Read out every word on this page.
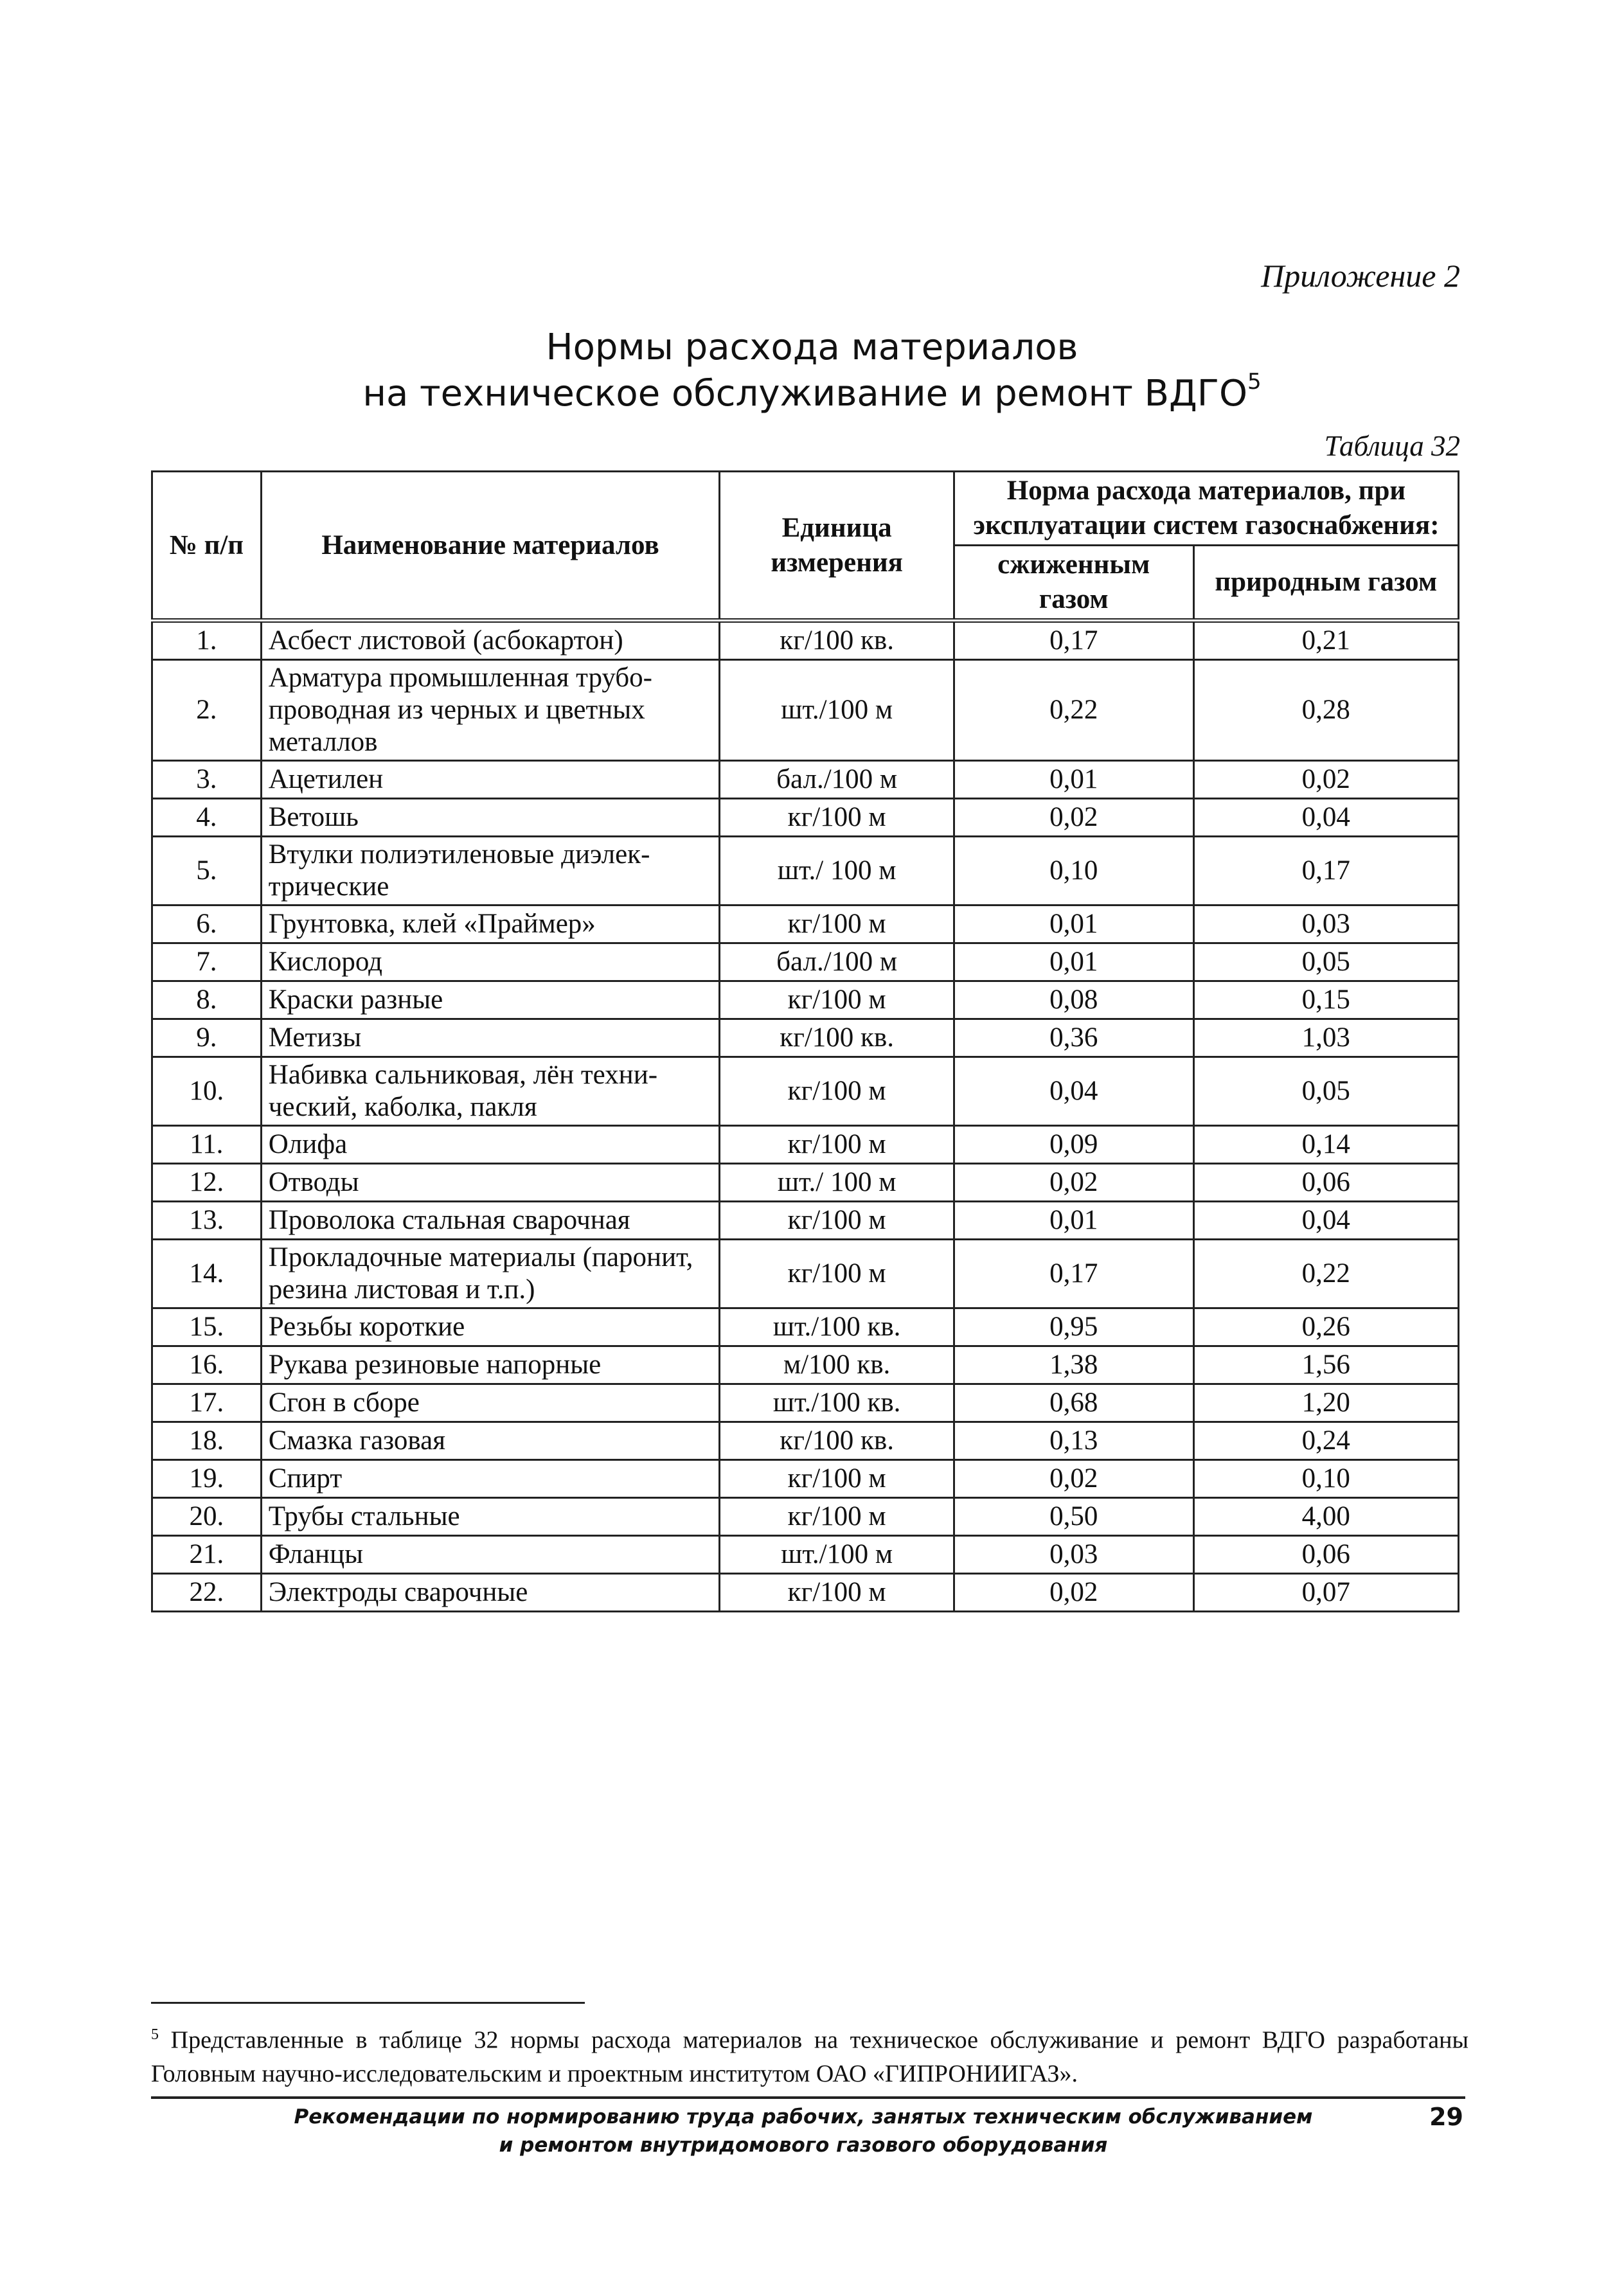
Приложение 2
Нормы расхода материалов
на техническое обслуживание и ремонт ВДГО$^5$
Таблица 32
№ п/п	Наименование материалов	Единица измерения	Норма расхода материалов, при эксплуатации систем газоснабжения:	
			сжиженным газом	природным газом
1.	Асбест листовой (асбокартон)	кг/100 кв.	0,17	0,21
2.	Арматура промышленная трубо-проводная из черных и цветных металлов	шт./100 м	0,22	0,28
3.	Ацетилен	бал./100 м	0,01	0,02
4.	Ветошь	кг/100 м	0,02	0,04
5.	Втулки полиэтиленовые диэлек-трические	шт./ 100 м	0,10	0,17
6.	Грунтовка, клей «Праймер»	кг/100 м	0,01	0,03
7.	Кислород	бал./100 м	0,01	0,05
8.	Краски разные	кг/100 м	0,08	0,15
9.	Метизы	кг/100 кв.	0,36	1,03
10.	Набивка сальниковая, лён техни-ческий, каболка, пакля	кг/100 м	0,04	0,05
11.	Олифа	кг/100 м	0,09	0,14
12.	Отводы	шт./ 100 м	0,02	0,06
13.	Проволока стальная сварочная	кг/100 м	0,01	0,04
14.	Прокладочные материалы (паронит, резина листовая и т.п.)	кг/100 м	0,17	0,22
15.	Резьбы короткие	шт./100 кв.	0,95	0,26
16.	Рукава резиновые напорные	м/100 кв.	1,38	1,56
17.	Сгон в сборе	шт./100 кв.	0,68	1,20
18.	Смазка газовая	кг/100 кв.	0,13	0,24
19.	Спирт	кг/100 м	0,02	0,10
20.	Трубы стальные	кг/100 м	0,50	4,00
21.	Фланцы	шт./100 м	0,03	0,06
22.	Электроды сварочные	кг/100 м	0,02	0,07
$^5$ Представленные в таблице 32 нормы расхода материалов на техническое обслуживание и ремонт ВДГО разработаны Головным научно-исследовательским и проектным институтом ОАО «ГИПРОНИИГАЗ».
Рекомендации по нормированию труда рабочих, занятых техническим обслуживанием
и ремонтом внутридомового газового оборудования
29
